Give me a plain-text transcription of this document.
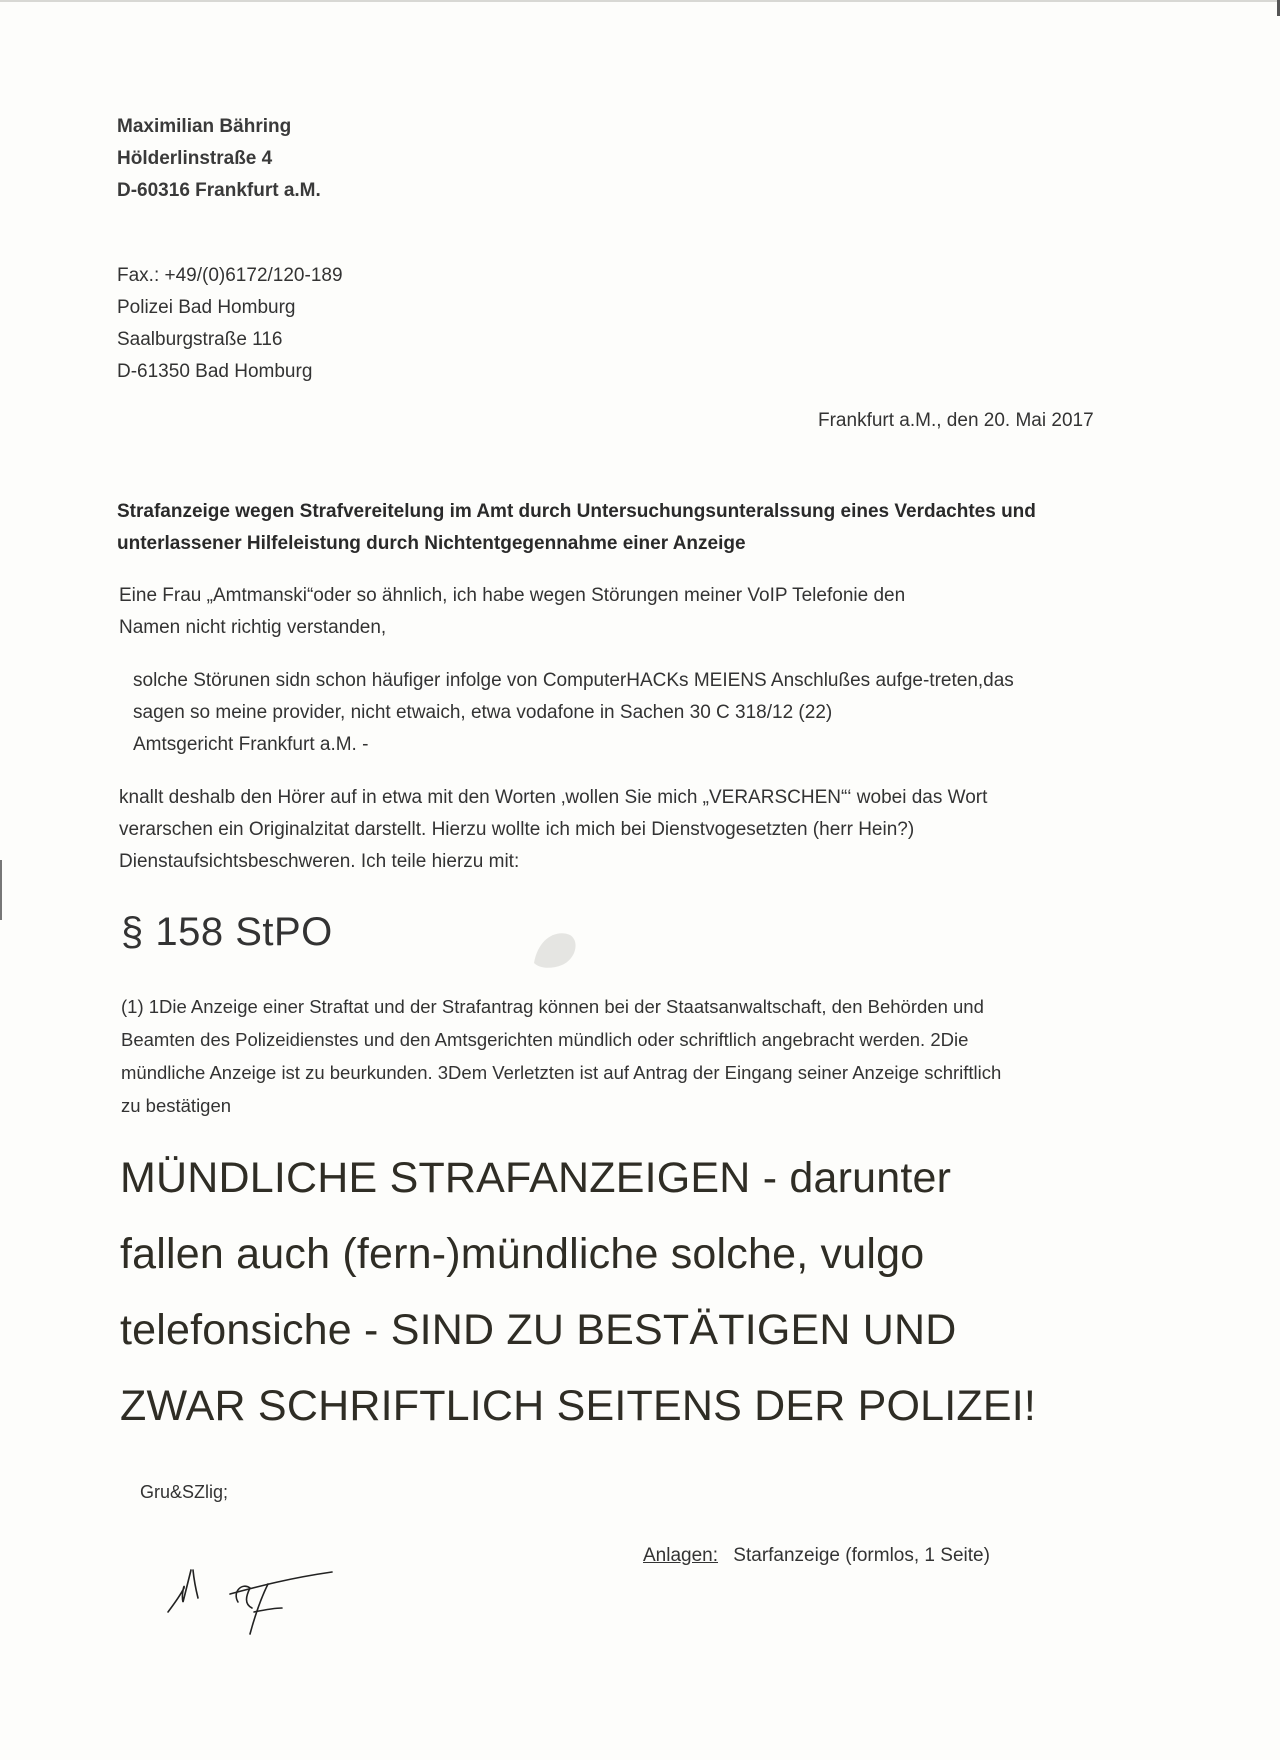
Maximilian Bähring
Hölderlinstraße 4
D-60316 Frankfurt a.M.
Fax.: +49/(0)6172/120-189
Polizei Bad Homburg
Saalburgstraße 116
D-61350 Bad Homburg
Frankfurt a.M., den 20. Mai 2017
Strafanzeige wegen Strafvereitelung im Amt durch Untersuchungsunteralssung eines Verdachtes und
unterlassener Hilfeleistung durch Nichtentgegennahme einer Anzeige
Eine Frau „Amtmanski“oder so ähnlich, ich habe wegen Störungen meiner VoIP Telefonie den
Namen nicht richtig verstanden,
solche Störunen sidn schon häufiger infolge von ComputerHACKs MEIENS Anschlußes aufge-treten,das
sagen so meine provider, nicht etwaich, etwa vodafone in Sachen 30 C 318/12 (22)
Amtsgericht Frankfurt a.M. -
knallt deshalb den Hörer auf in etwa mit den Worten ‚wollen Sie mich „VERARSCHEN“‘ wobei das Wort
verarschen ein Originalzitat darstellt. Hierzu wollte ich mich bei Dienstvogesetzten (herr Hein?)
Dienstaufsichtsbeschweren. Ich teile hierzu mit:
§ 158 StPO
(1) 1Die Anzeige einer Straftat und der Strafantrag können bei der Staatsanwaltschaft, den Behörden und
Beamten des Polizeidienstes und den Amtsgerichten mündlich oder schriftlich angebracht werden. 2Die
mündliche Anzeige ist zu beurkunden. 3Dem Verletzten ist auf Antrag der Eingang seiner Anzeige schriftlich
zu bestätigen
MÜNDLICHE STRAFANZEIGEN - darunter
fallen auch (fern-)mündliche solche, vulgo
telefonsiche - SIND ZU BESTÄTIGEN UND
ZWAR SCHRIFTLICH SEITENS DER POLIZEI!
Gru&SZlig;
Anlagen: Starfanzeige (formlos, 1 Seite)
